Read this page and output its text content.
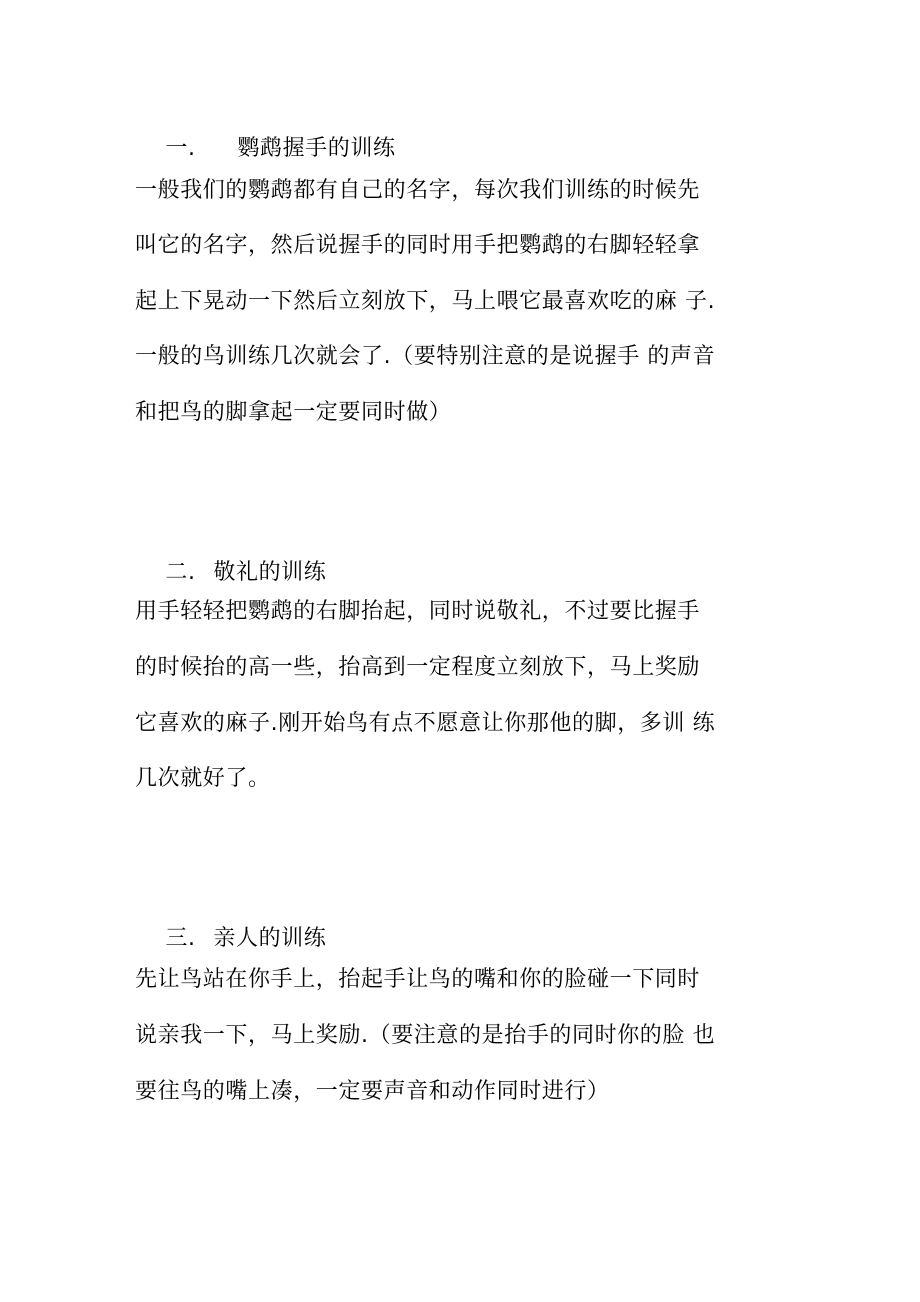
一. 鹦鹉握手的训练

一般我们的鹦鹉都有自己的名字，每次我们训练的时候先
叫它的名字，然后说握手的同时用手把鹦鹉的右脚轻轻拿
起上下晃动一下然后立刻放下，马上喂它最喜欢吃的麻 子.
一般的鸟训练几次就会了.（要特别注意的是说握手 的声音
和把鸟的脚拿起一定要同时做）

二. 敬礼的训练

用手轻轻把鹦鹉的右脚抬起，同时说敬礼，不过要比握手
的时候抬的高一些，抬高到一定程度立刻放下，马上奖励
它喜欢的麻子.刚开始鸟有点不愿意让你那他的脚，多训 练
几次就好了。

三. 亲人的训练

先让鸟站在你手上，抬起手让鸟的嘴和你的脸碰一下同时
说亲我一下，马上奖励.（要注意的是抬手的同时你的脸 也
要往鸟的嘴上凑，一定要声音和动作同时进行）
